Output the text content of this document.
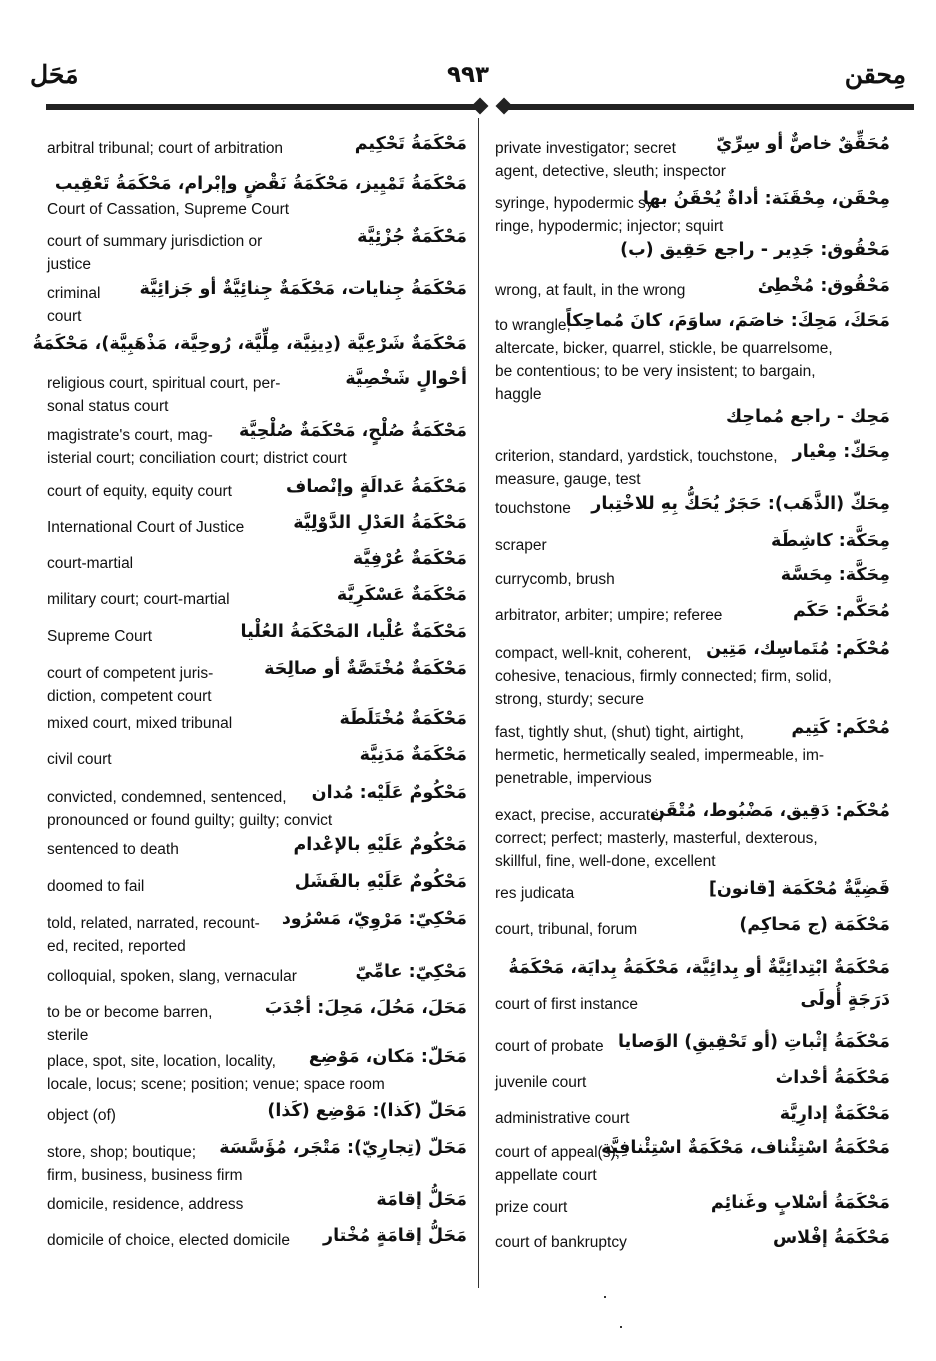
مَحَل	٩٩٣	مِحقن
arbitral tribunal; court of arbitration	مَحْكَمَةُ تَحْكِيم
مَحْكَمَةُ تَمْيِيز، مَحْكَمَةُ نَقْضٍ وإبْرام، مَحْكَمَةُ تَعْقِيب
Court of Cassation, Supreme Court
court of summary jurisdiction or
justice
مَحْكَمَةٌ جُزْئِيَّة
criminal
court
مَحْكَمَةُ جِنايات، مَحْكَمَةٌ جِنائِيَّةٌ أو جَزائِيَّة
مَحْكَمَةٌ شَرْعِيَّة (دِينِيَّة، مِلِّيَّة، رُوحِيَّة، مَذْهَبِيَّة)، مَحْكَمَةُ
religious court, spiritual court, per-
sonal status court
أحْوالٍ شَخْصِيَّة
magistrate's court, mag-
isterial court; conciliation court; district court
مَحْكَمَةُ صُلْحٍ، مَحْكَمَةٌ صُلْحِيَّة
court of equity, equity court	مَحْكَمَةُ عَدالَةٍ وإنْصاف
International Court of Justice	مَحْكَمَةُ العَدْلِ الدَّوْلِيَّة
court-martial	مَحْكَمَةٌ عُرْفِيَّة
military court; court-martial	مَحْكَمَةٌ عَسْكَرِيَّة
Supreme Court	مَحْكَمَةٌ عُلْيا، المَحْكَمَةُ العُلْيا
court of competent juris-
diction, competent court
مَحْكَمَةٌ مُخْتَصَّةٌ أو صالِحَة
mixed court, mixed tribunal	مَحْكَمَةٌ مُخْتَلَطَة
civil court	مَحْكَمَةٌ مَدَنِيَّة
convicted, condemned, sentenced,
pronounced or found guilty; guilty; convict
مَحْكُومٌ عَلَيْه: مُدان
sentenced to death	مَحْكُومٌ عَلَيْهِ بالإعْدام
doomed to fail	مَحْكُومٌ عَلَيْهِ بالفَشَل
told, related, narrated, recount-
ed, recited, reported
مَحْكِيّ: مَرْوِيّ، مَسْرُود
colloquial, spoken, slang, vernacular	مَحْكِيّ: عامِّيّ
to be or become barren,
sterile
مَحَلَ، مَحُلَ، مَحِلَ: أجْدَبَ
place, spot, site, location, locality,
locale, locus; scene; position; venue; space room
مَحَلّ: مَكان، مَوْضِع
object (of)	مَحَلّ (كَذا): مَوْضِع (كَذا)
store, shop; boutique;
firm, business, business firm
مَحَلّ (تِجارِيّ): مَتْجَر، مُؤَسَّسَة
domicile, residence, address	مَحَلُّ إقامَة
domicile of choice, elected domicile	مَحَلُّ إقامَةٍ مُخْتار
private investigator; secret
agent, detective, sleuth; inspector
مُحَقِّقٌ خاصٌّ أو سِرِّيّ
syringe, hypodermic sy-
ringe, hypodermic; injector; squirt
مِحْقَن، مِحْقَنَة: أداةٌ يُحْقَنُ بها
مَحْقُوق: جَدِير - راجع حَقِيق (ب)
wrong, at fault, in the wrong	مَحْقُوق: مُخْطِئ
to wrangle,
altercate, bicker, quarrel, stickle, be quarrelsome,
be contentious; to be very insistent; to bargain,
haggle
مَحَكَ، مَحِكَ: خاصَمَ، ساوَمَ، كانَ مُماحِكاً
مَحِك - راجع مُماحِك
criterion, standard, yardstick, touchstone,
measure, gauge, test
مِحَكّ: مِعْيار
touchstone	مِحَكّ (الذَّهَب): حَجَرٌ يُحَكُّ بِهِ للاخْتِبار
scraper	مِحَكَّة: كاشِطَة
currycomb, brush	مِحَكَّة: مِحَسَّة
arbitrator, arbiter; umpire; referee	مُحَكَّم: حَكَم
compact, well-knit, coherent,
cohesive, tenacious, firmly connected; firm, solid,
strong, sturdy; secure
مُحْكَم: مُتَماسِك، مَتِين
fast, tightly shut, (shut) tight, airtight,
hermetic, hermetically sealed, impermeable, im-
penetrable, impervious
مُحْكَم: كَتِيم
exact, precise, accurate,
correct; perfect; masterly, masterful, dexterous,
skillful, fine, well-done, excellent
مُحْكَم: دَقِيق، مَضْبُوط، مُتْقَن
res judicata	قَضِيَّةٌ مُحْكَمَة [قانون]
court, tribunal, forum	مَحْكَمَة (ج مَحاكِم)
مَحْكَمَةٌ ابْتِدائِيَّةٌ أو بِدائِيَّة، مَحْكَمَةُ بِدايَة، مَحْكَمَةُ
court of first instance	دَرَجَةٍ أُولَى
court of probate مَحْكَمَةُ إثْباتِ (أو تَحْقِيقِ) الوَصايا
juvenile court	مَحْكَمَةُ أحْداث
administrative court	مَحْكَمَةٌ إدارِيَّة
court of appeal(s),
appellate court
مَحْكَمَةُ اسْتِئْناف، مَحْكَمَةٌ اسْتِئْنافِيَّة
prize court	مَحْكَمَةُ أسْلابٍ وغَنائِم
court of bankruptcy	مَحْكَمَةُ إفْلاس
